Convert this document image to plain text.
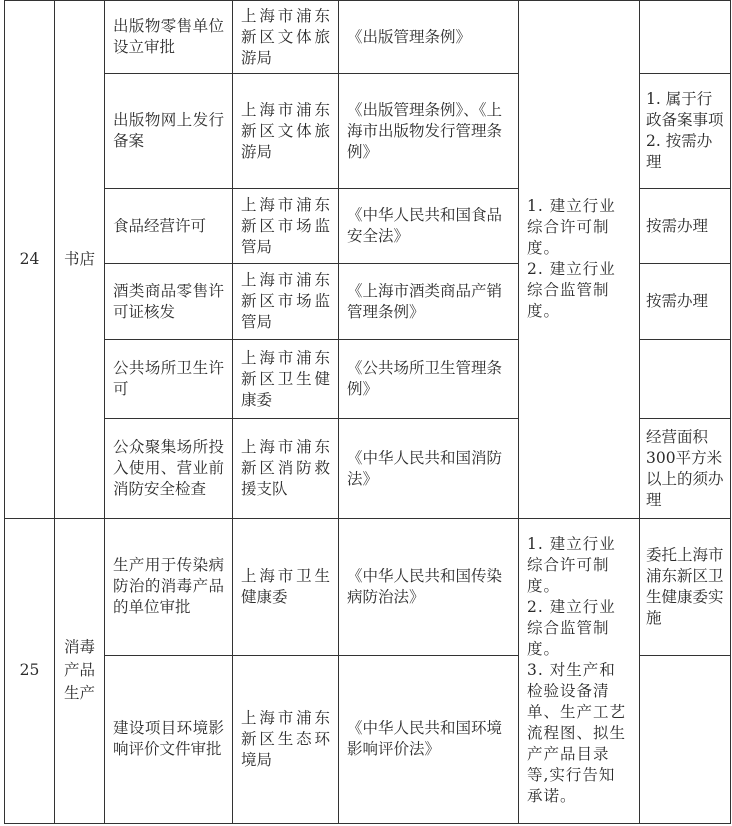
24	书店	出版物零售单位设立审批	上海市浦东新区文体旅游局	《出版管理条例》	1. 建立行业综合许可制度。
2. 建立行业综合监管制度。	

		出版物网上发行备案	上海市浦东新区文体旅游局	《出版管理条例》、《上海市出版物发行管理条例》		1. 属于行政备案事项
2. 按需办理

		食品经营许可	上海市浦东新区市场监管局	《中华人民共和国食品安全法》		按需办理

		酒类商品零售许可证核发	上海市浦东新区市场监管局	《上海市酒类商品产销管理条例》		按需办理

		公共场所卫生许可	上海市浦东新区卫生健康委	《公共场所卫生管理条例》		

		公众聚集场所投入使用、营业前消防安全检查	上海市浦东新区消防救援支队	《中华人民共和国消防法》		经营面积300平方米以上的须办理

25	消毒产品生产	生产用于传染病防治的消毒产品的单位审批	上海市卫生健康委	《中华人民共和国传染病防治法》	1. 建立行业综合许可制度。
2. 建立行业综合监管制度。
3. 对生产和检验设备清单、生产工艺流程图、拟生产产品目录等,实行告知承诺。	委托上海市浦东新区卫生健康委实施

		建设项目环境影响评价文件审批	上海市浦东新区生态环境局	《中华人民共和国环境影响评价法》		
